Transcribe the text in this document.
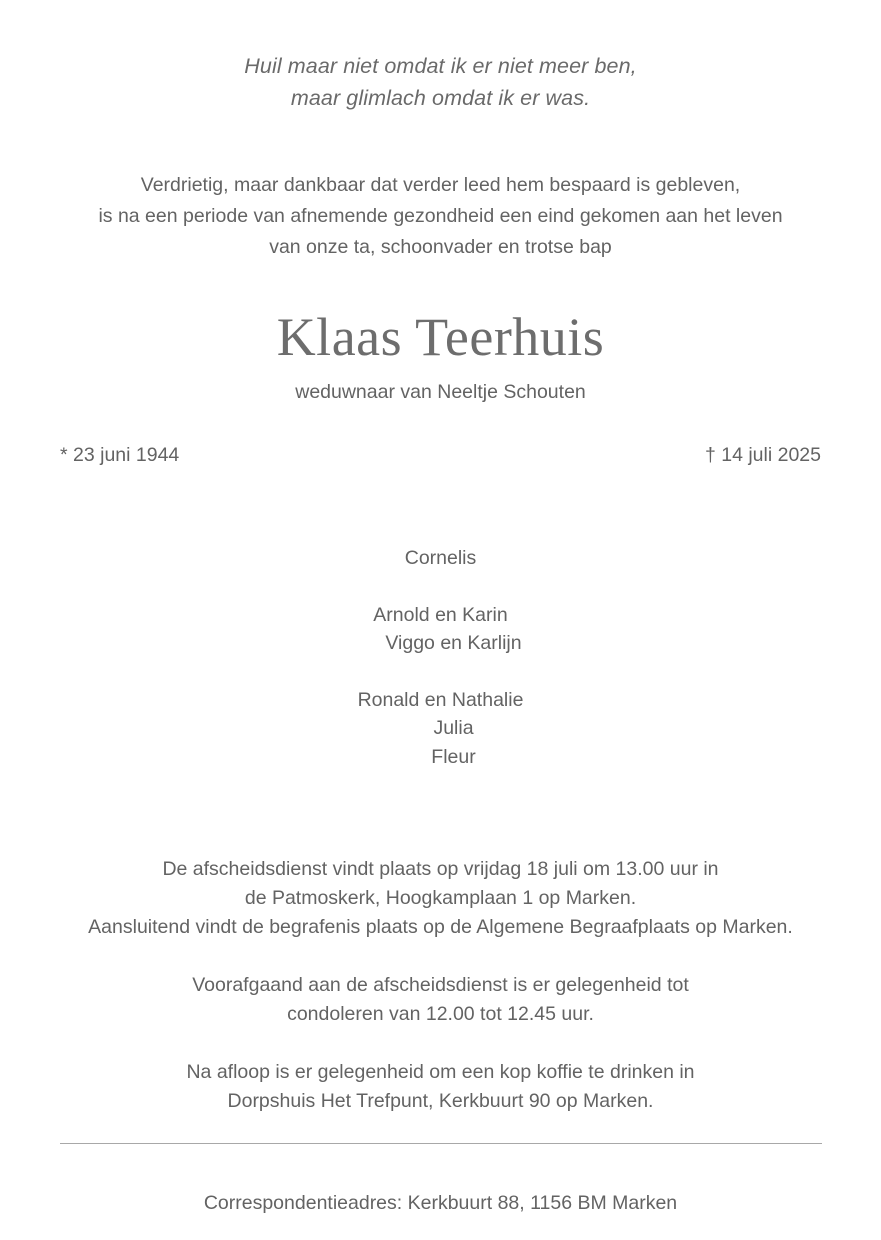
Huil maar niet omdat ik er niet meer ben,
maar glimlach omdat ik er was.
Verdrietig, maar dankbaar dat verder leed hem bespaard is gebleven,
is na een periode van afnemende gezondheid een eind gekomen aan het leven
van onze ta, schoonvader en trotse bap
Klaas Teerhuis

weduwnaar van Neeltje Schouten

* 23 juni 1944	† 14 juli 2025
Cornelis
Arnold en Karin
Viggo en Karlijn
Ronald en Nathalie
Julia
Fleur
De afscheidsdienst vindt plaats op vrijdag 18 juli om 13.00 uur in
de Patmoskerk, Hoogkamplaan 1 op Marken.
Aansluitend vindt de begrafenis plaats op de Algemene Begraafplaats op Marken.
Voorafgaand aan de afscheidsdienst is er gelegenheid tot
condoleren van 12.00 tot 12.45 uur.
Na afloop is er gelegenheid om een kop koffie te drinken in
Dorpshuis Het Trefpunt, Kerkbuurt 90 op Marken.
Correspondentieadres: Kerkbuurt 88, 1156 BM Marken
